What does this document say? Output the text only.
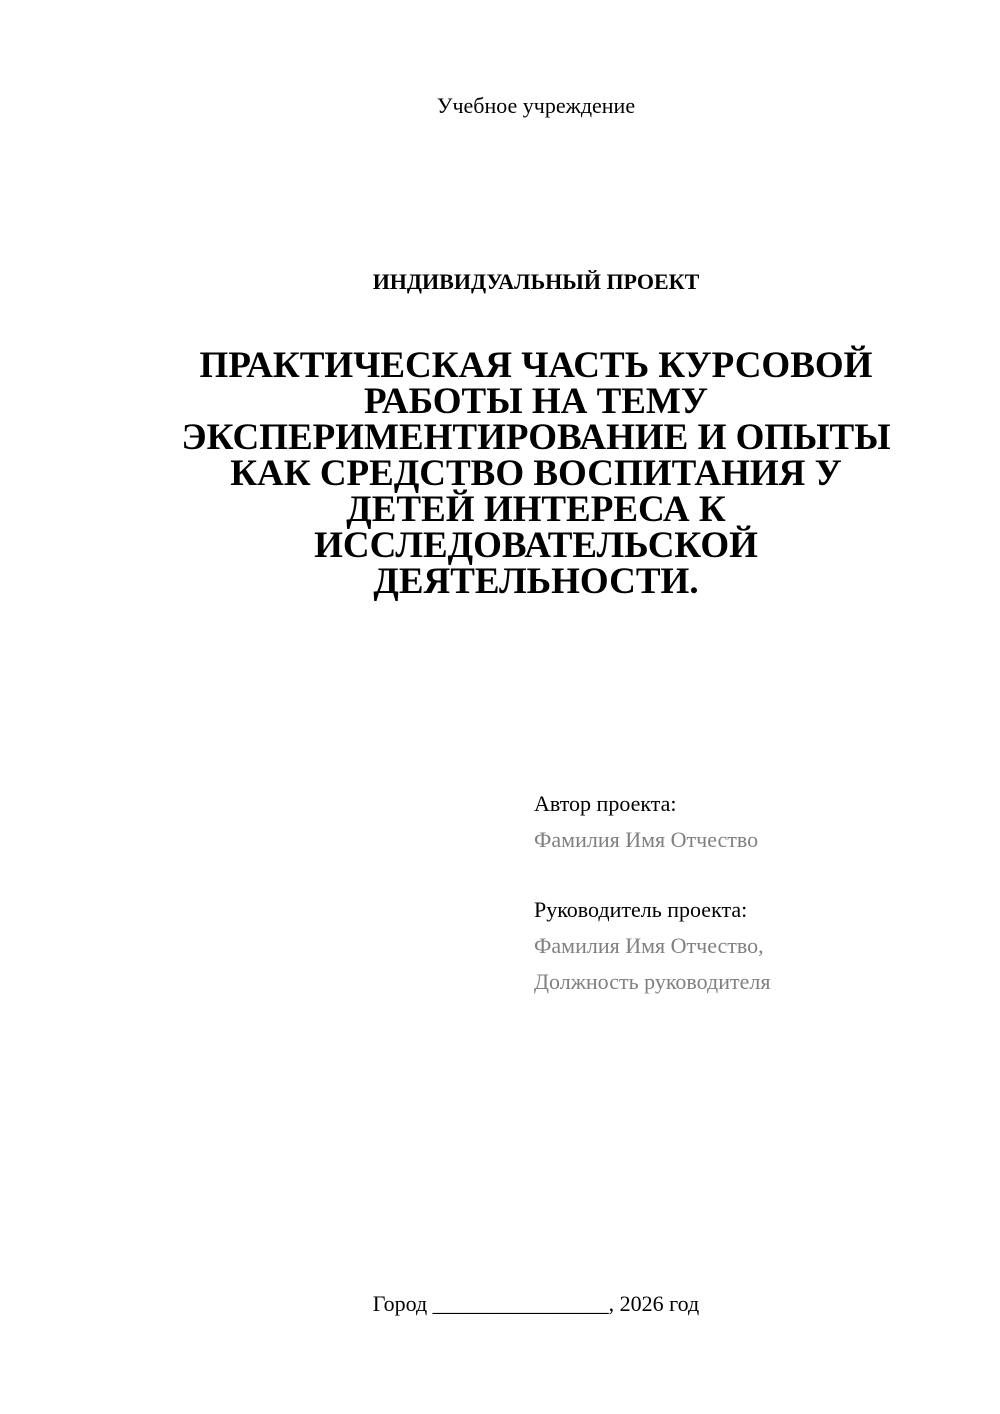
Учебное учреждение
ИНДИВИДУАЛЬНЫЙ ПРОЕКТ
ПРАКТИЧЕСКАЯ ЧАСТЬ КУРСОВОЙ
РАБОТЫ НА ТЕМУ
ЭКСПЕРИМЕНТИРОВАНИЕ И ОПЫТЫ
КАК СРЕДСТВО ВОСПИТАНИЯ У
ДЕТЕЙ ИНТЕРЕСА К
ИССЛЕДОВАТЕЛЬСКОЙ
ДЕЯТЕЛЬНОСТИ.
Автор проекта:
Фамилия Имя Отчество
Руководитель проекта:
Фамилия Имя Отчество,
Должность руководителя
Город ________________, 2026 год
